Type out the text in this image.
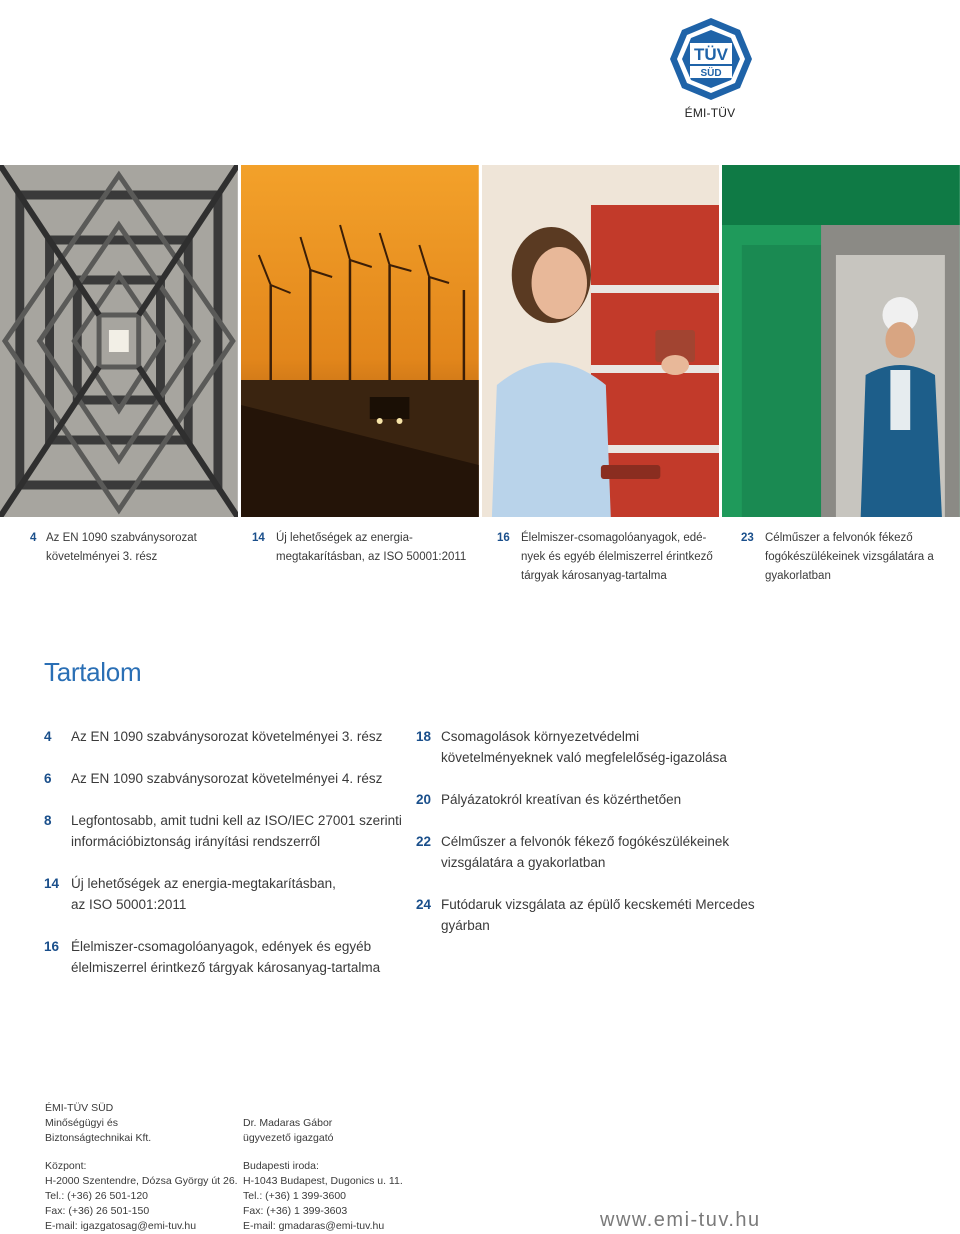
TÜV
SÜD
ÉMI-TÜV
4 Az EN 1090 szabványsorozat
követelményei 3. rész
14 Új lehetőségek az energia-
megtakarításban, az ISO 50001:2011
16 Élelmiszer-csomagolóanyagok, edé-
nyek és egyéb élelmiszerrel érintkező
tárgyak károsanyag-tartalma
23 Célműszer a felvonók fékező
fogókészülékeinek vizsgálatára a
gyakorlatban
Tartalom
4 Az EN 1090 szabványsorozat követelményei 3. rész
6 Az EN 1090 szabványsorozat követelményei 4. rész
8 Legfontosabb, amit tudni kell az ISO/IEC 27001 szerinti
információbiztonság irányítási rendszerről
14 Új lehetőségek az energia-megtakarításban,
az ISO 50001:2011
16 Élelmiszer-csomagolóanyagok, edények és egyéb
élelmiszerrel érintkező tárgyak károsanyag-tartalma
18 Csomagolások környezetvédelmi
követelményeknek való megfelelőség-igazolása
20 Pályázatokról kreatívan és közérthetően
22 Célműszer a felvonók fékező fogókészülékeinek
vizsgálatára a gyakorlatban
24 Futódaruk vizsgálata az épülő kecskeméti Mercedes
gyárban
ÉMI-TÜV SÜD
Minőségügyi és
Biztonságtechnikai Kft.
Dr. Madaras Gábor
ügyvezető igazgató
Központ:
H-2000 Szentendre, Dózsa György út 26.
Tel.: (+36) 26 501-120
Fax: (+36) 26 501-150
E-mail: igazgatosag@emi-tuv.hu
Budapesti iroda:
H-1043 Budapest, Dugonics u. 11.
Tel.: (+36) 1 399-3600
Fax: (+36) 1 399-3603
E-mail: gmadaras@emi-tuv.hu	www.emi-tuv.hu
